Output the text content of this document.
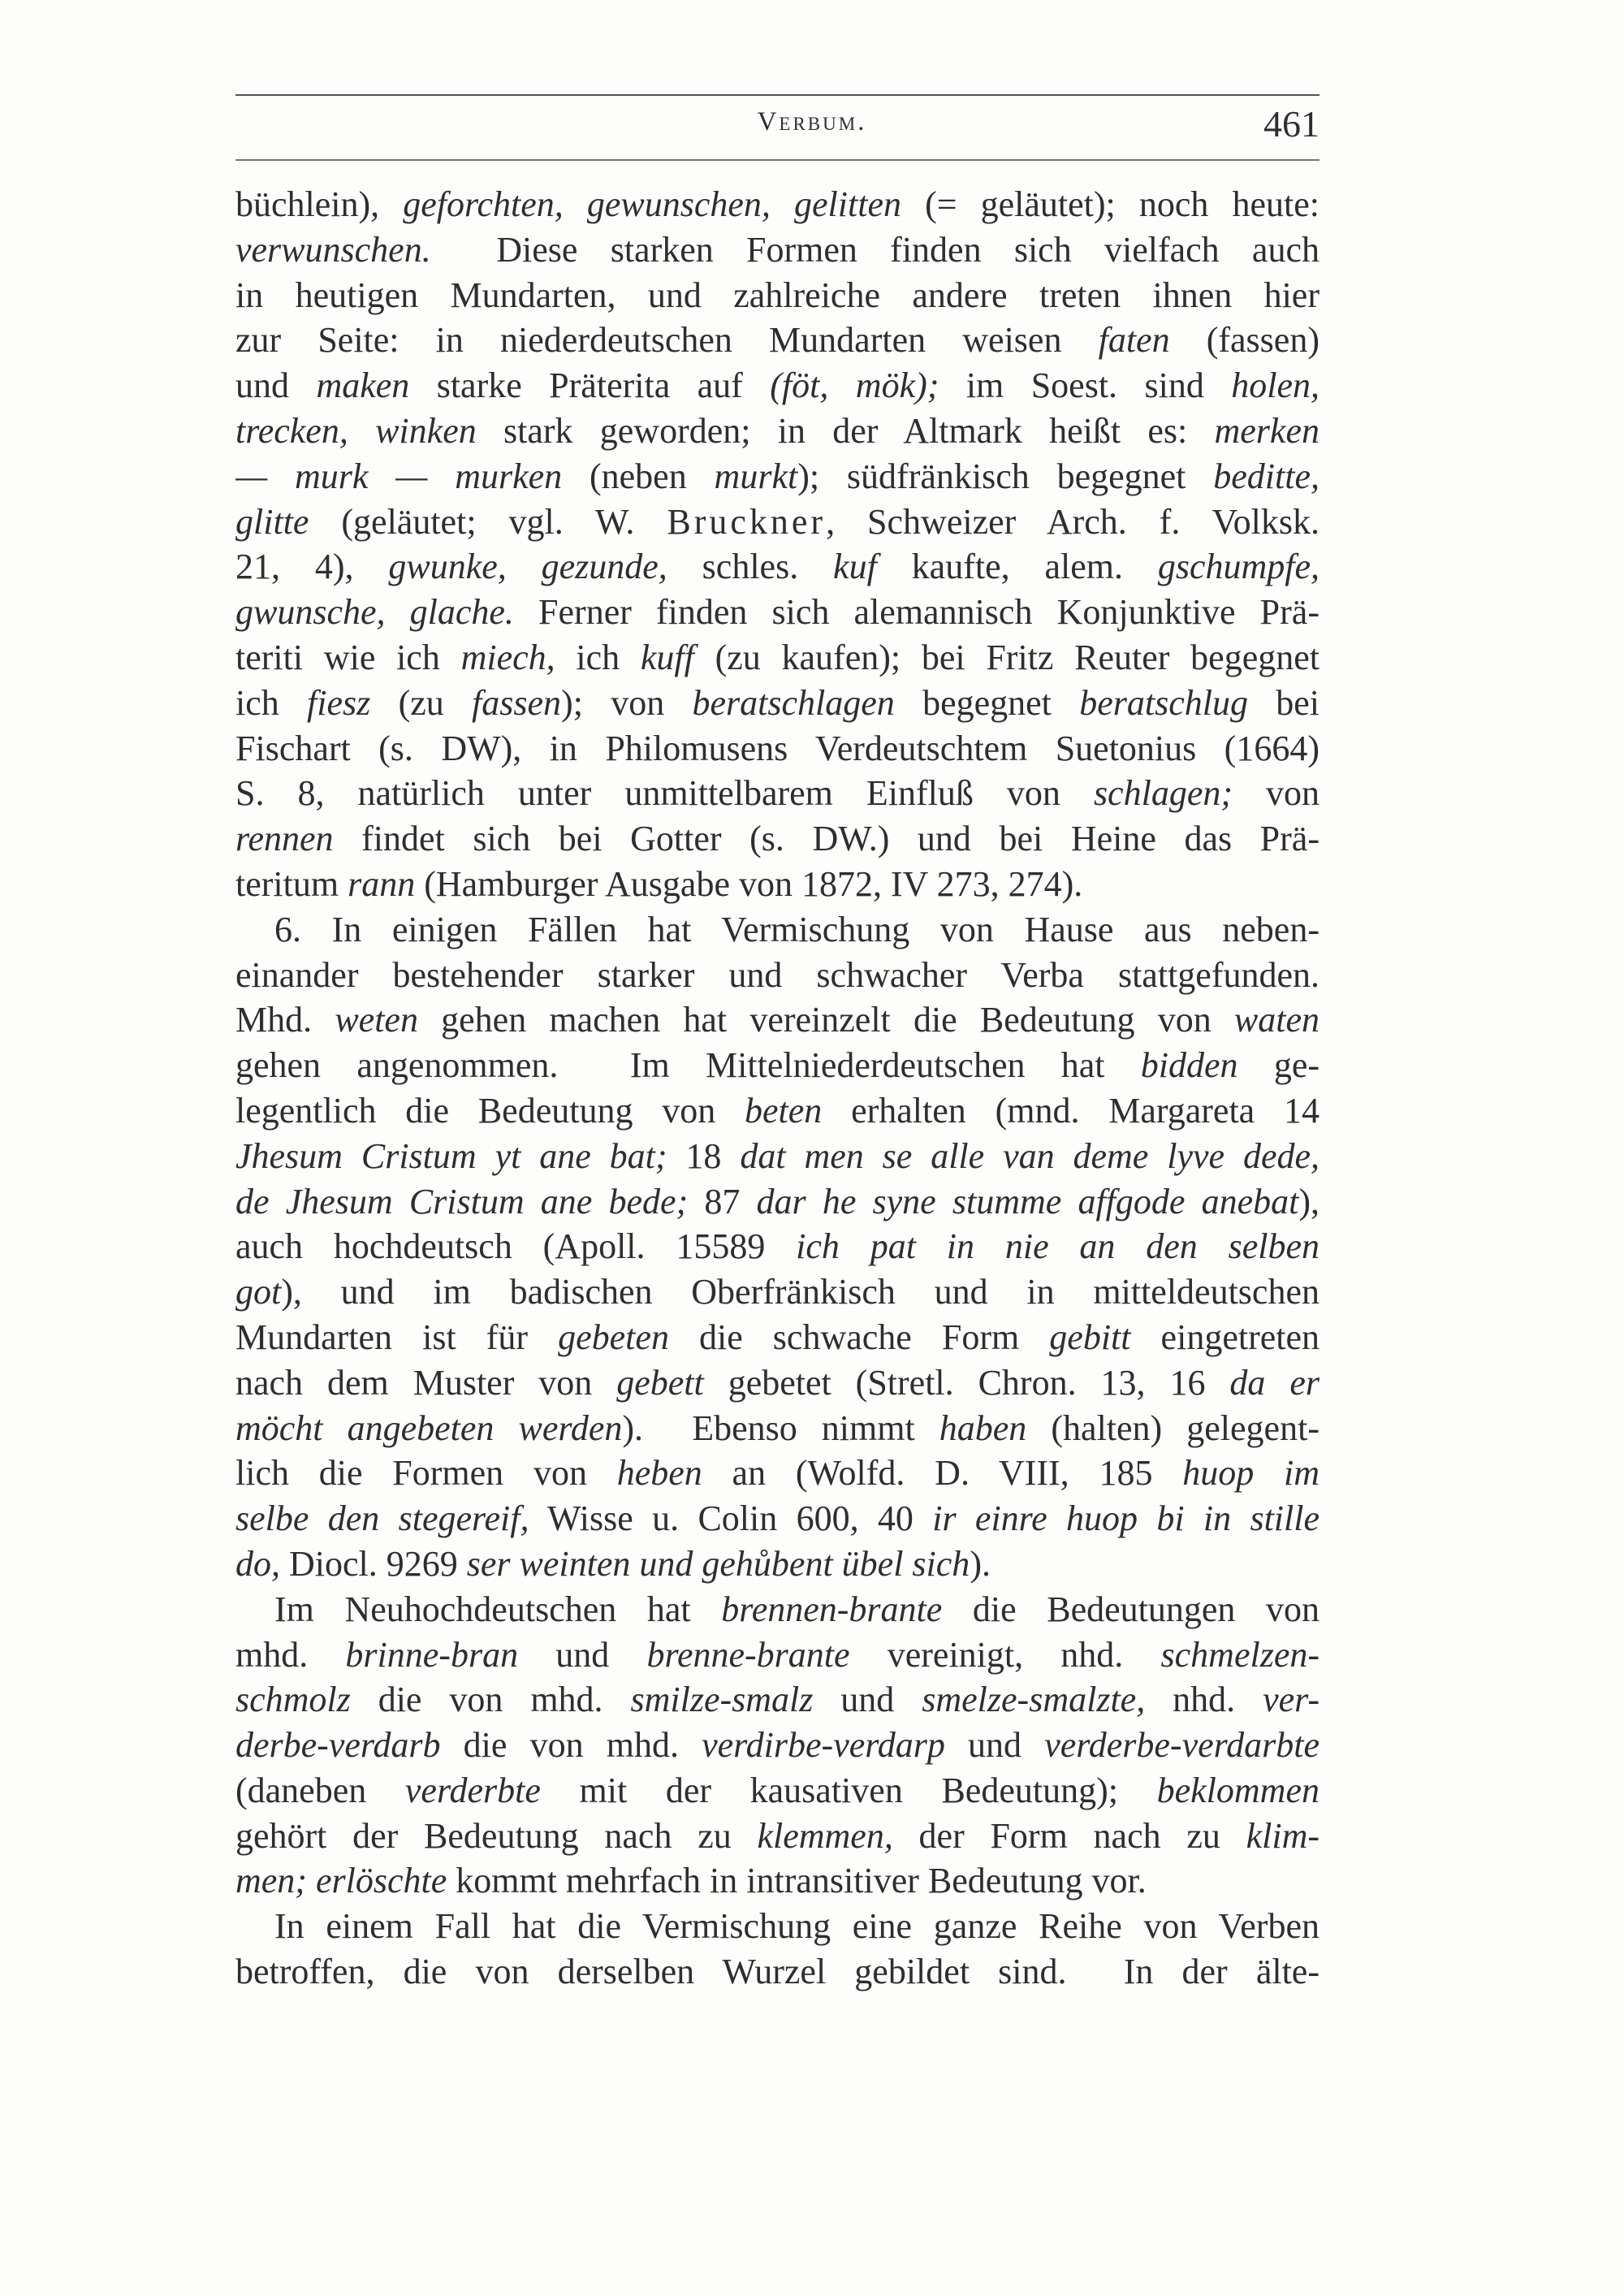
Verbum.	461
büchlein), geforchten, gewunschen, gelitten (= geläutet); noch heute:
verwunschen.  Diese starken Formen finden sich vielfach auch
in heutigen Mundarten, und zahlreiche andere treten ihnen hier
zur Seite: in niederdeutschen Mundarten weisen faten (fassen)
und maken starke Präterita auf (föt, mök); im Soest. sind holen,
trecken, winken stark geworden; in der Altmark heißt es: merken
— murk — murken (neben murkt); südfränkisch begegnet beditte,
glitte (geläutet; vgl. W. Bruckner, Schweizer Arch. f. Volksk.
21, 4), gwunke, gezunde, schles. kuf kaufte, alem. gschumpfe,
gwunsche, glache. Ferner finden sich alemannisch Konjunktive Prä-
teriti wie ich miech, ich kuff (zu kaufen); bei Fritz Reuter begegnet
ich fiesz (zu fassen); von beratschlagen begegnet beratschlug bei
Fischart (s. DW), in Philomusens Verdeutschtem Suetonius (1664)
S. 8, natürlich unter unmittelbarem Einfluß von schlagen; von
rennen findet sich bei Gotter (s. DW.) und bei Heine das Prä-
teritum rann (Hamburger Ausgabe von 1872, IV 273, 274).
6. In einigen Fällen hat Vermischung von Hause aus neben-
einander bestehender starker und schwacher Verba stattgefunden.
Mhd. weten gehen machen hat vereinzelt die Bedeutung von waten
gehen angenommen.  Im Mittelniederdeutschen hat bidden ge-
legentlich die Bedeutung von beten erhalten (mnd. Margareta 14
Jhesum Cristum yt ane bat; 18 dat men se alle van deme lyve dede,
de Jhesum Cristum ane bede; 87 dar he syne stumme affgode anebat),
auch hochdeutsch (Apoll. 15589 ich pat in nie an den selben
got), und im badischen Oberfränkisch und in mitteldeutschen
Mundarten ist für gebeten die schwache Form gebitt eingetreten
nach dem Muster von gebett gebetet (Stretl. Chron. 13, 16 da er
möcht angebeten werden).  Ebenso nimmt haben (halten) gelegent-
lich die Formen von heben an (Wolfd. D. VIII, 185 huop im
selbe den stegereif, Wisse u. Colin 600, 40 ir einre huop bi in stille
do, Diocl. 9269 ser weinten und gehůbent übel sich).
Im Neuhochdeutschen hat brennen-brante die Bedeutungen von
mhd. brinne-bran und brenne-brante vereinigt, nhd. schmelzen-
schmolz die von mhd. smilze-smalz und smelze-smalzte, nhd. ver-
derbe-verdarb die von mhd. verdirbe-verdarp und verderbe-verdarbte
(daneben verderbte mit der kausativen Bedeutung); beklommen
gehört der Bedeutung nach zu klemmen, der Form nach zu klim-
men; erlöschte kommt mehrfach in intransitiver Bedeutung vor.
In einem Fall hat die Vermischung eine ganze Reihe von Verben
betroffen, die von derselben Wurzel gebildet sind.  In der älte-
